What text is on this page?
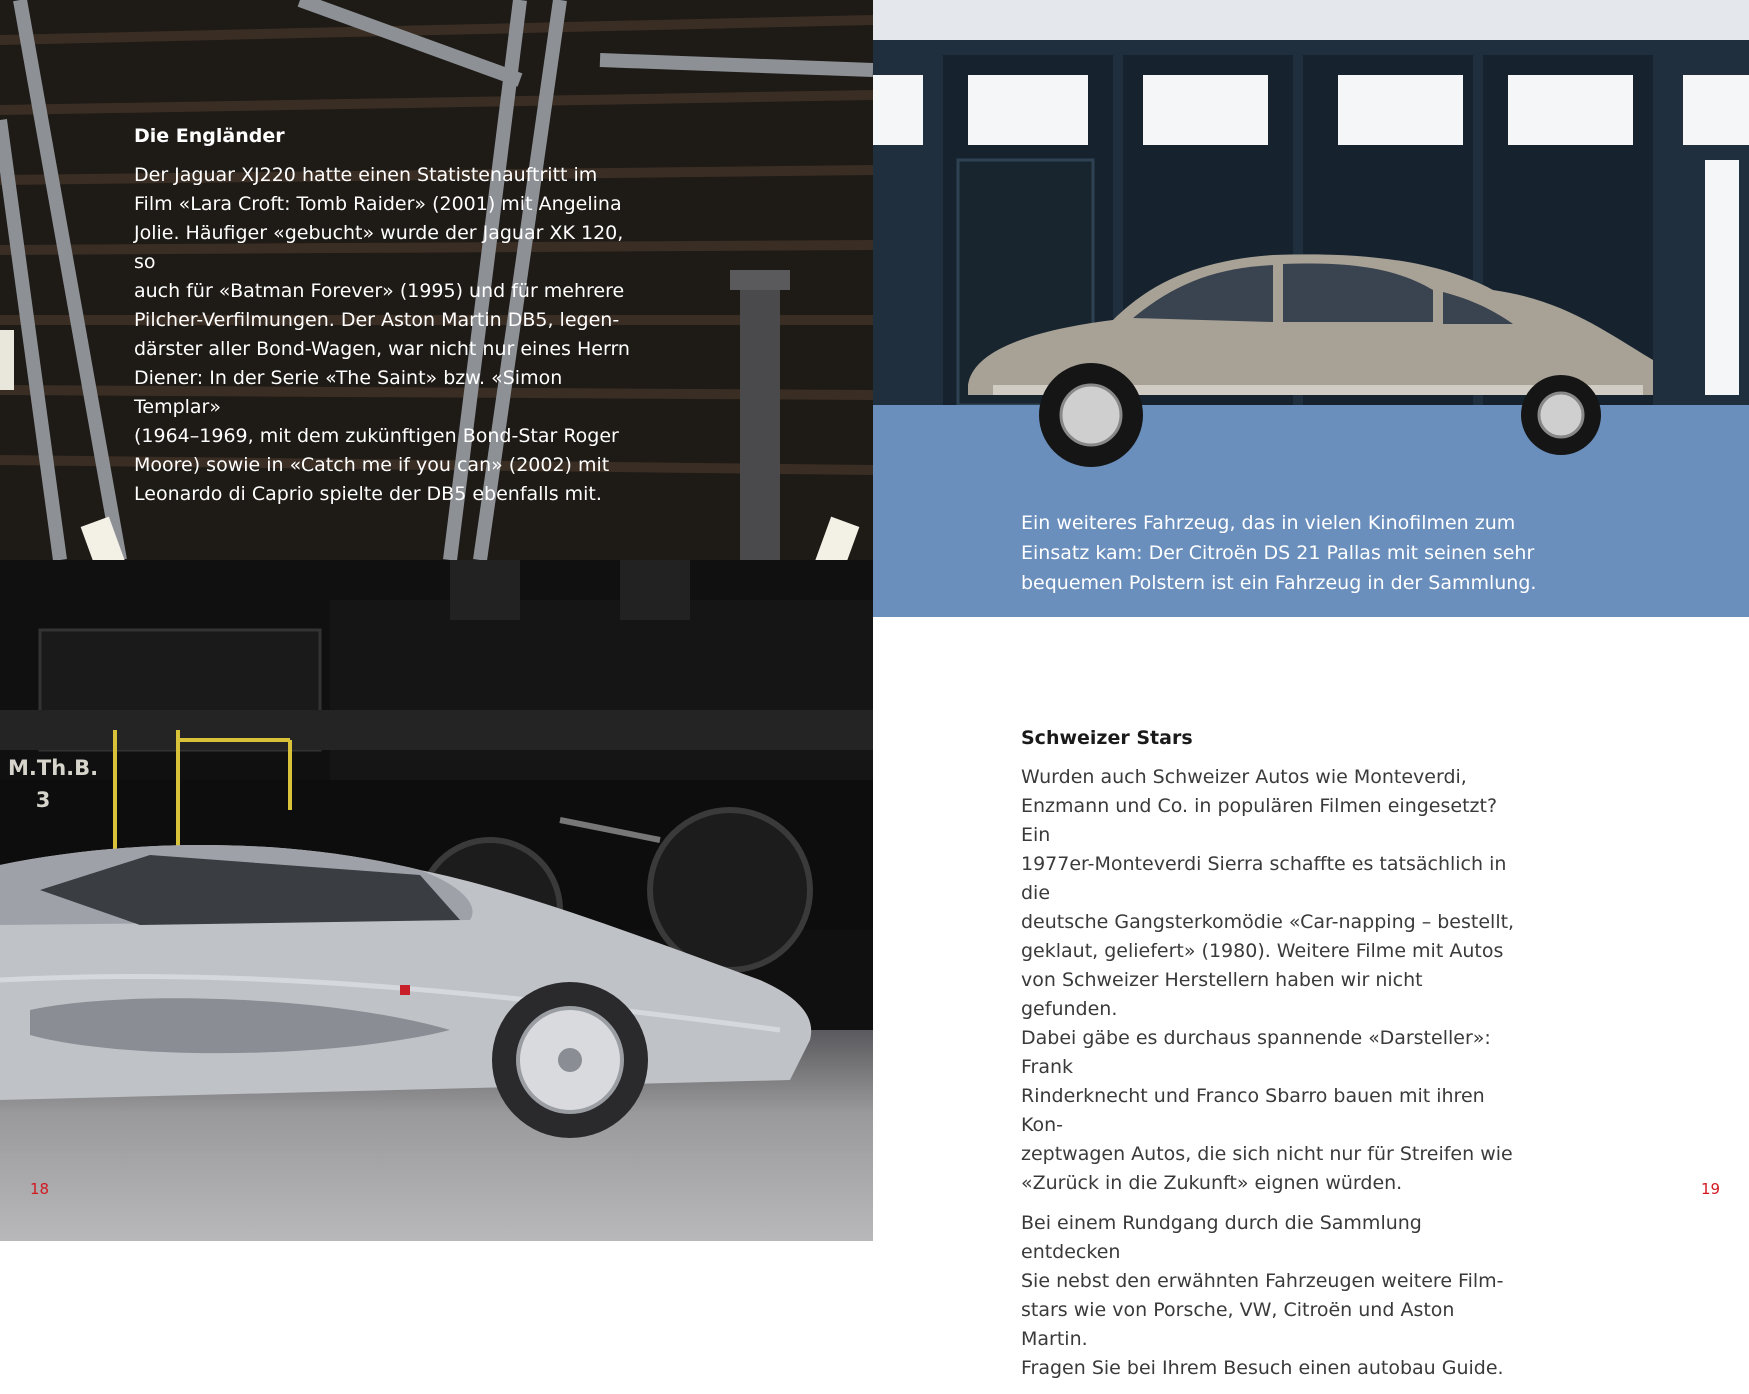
M.Th.B.
3
Die Engländer

Der Jaguar XJ220 hatte einen Statistenauftritt im
Film «Lara Croft: Tomb Raider» (2001) mit Angelina
Jolie. Häufiger «gebucht» wurde der Jaguar XK 120, so
auch für «Batman Forever» (1995) und für mehrere
Pilcher-Verfilmungen. Der Aston Martin DB5, legen-
därster aller Bond-Wagen, war nicht nur eines Herrn
Diener: In der Serie «The Saint» bzw. «Simon Templar»
(1964–1969, mit dem zukünftigen Bond-Star Roger
Moore) sowie in «Catch me if you can» (2002) mit
Leonardo di Caprio spielte der DB5 ebenfalls mit.

18
Ein weiteres Fahrzeug, das in vielen Kinofilmen zum
Einsatz kam: Der Citroën DS 21 Pallas mit seinen sehr
bequemen Polstern ist ein Fahrzeug in der Sammlung.
Schweizer Stars

Wurden auch Schweizer Autos wie Monteverdi,
Enzmann und Co. in populären Filmen eingesetzt? Ein
1977er-Monteverdi Sierra schaffte es tatsächlich in die
deutsche Gangsterkomödie «Car-napping – bestellt,
geklaut, geliefert» (1980). Weitere Filme mit Autos
von Schweizer Herstellern haben wir nicht gefunden.
Dabei gäbe es durchaus spannende «Darsteller»: Frank
Rinderknecht und Franco Sbarro bauen mit ihren Kon-
zeptwagen Autos, die sich nicht nur für Streifen wie
«Zurück in die Zukunft» eignen würden.

Bei einem Rundgang durch die Sammlung entdecken
Sie nebst den erwähnten Fahrzeugen weitere Film-
stars wie von Porsche, VW, Citroën und Aston Martin.
Fragen Sie bei Ihrem Besuch einen autobau Guide.

19
